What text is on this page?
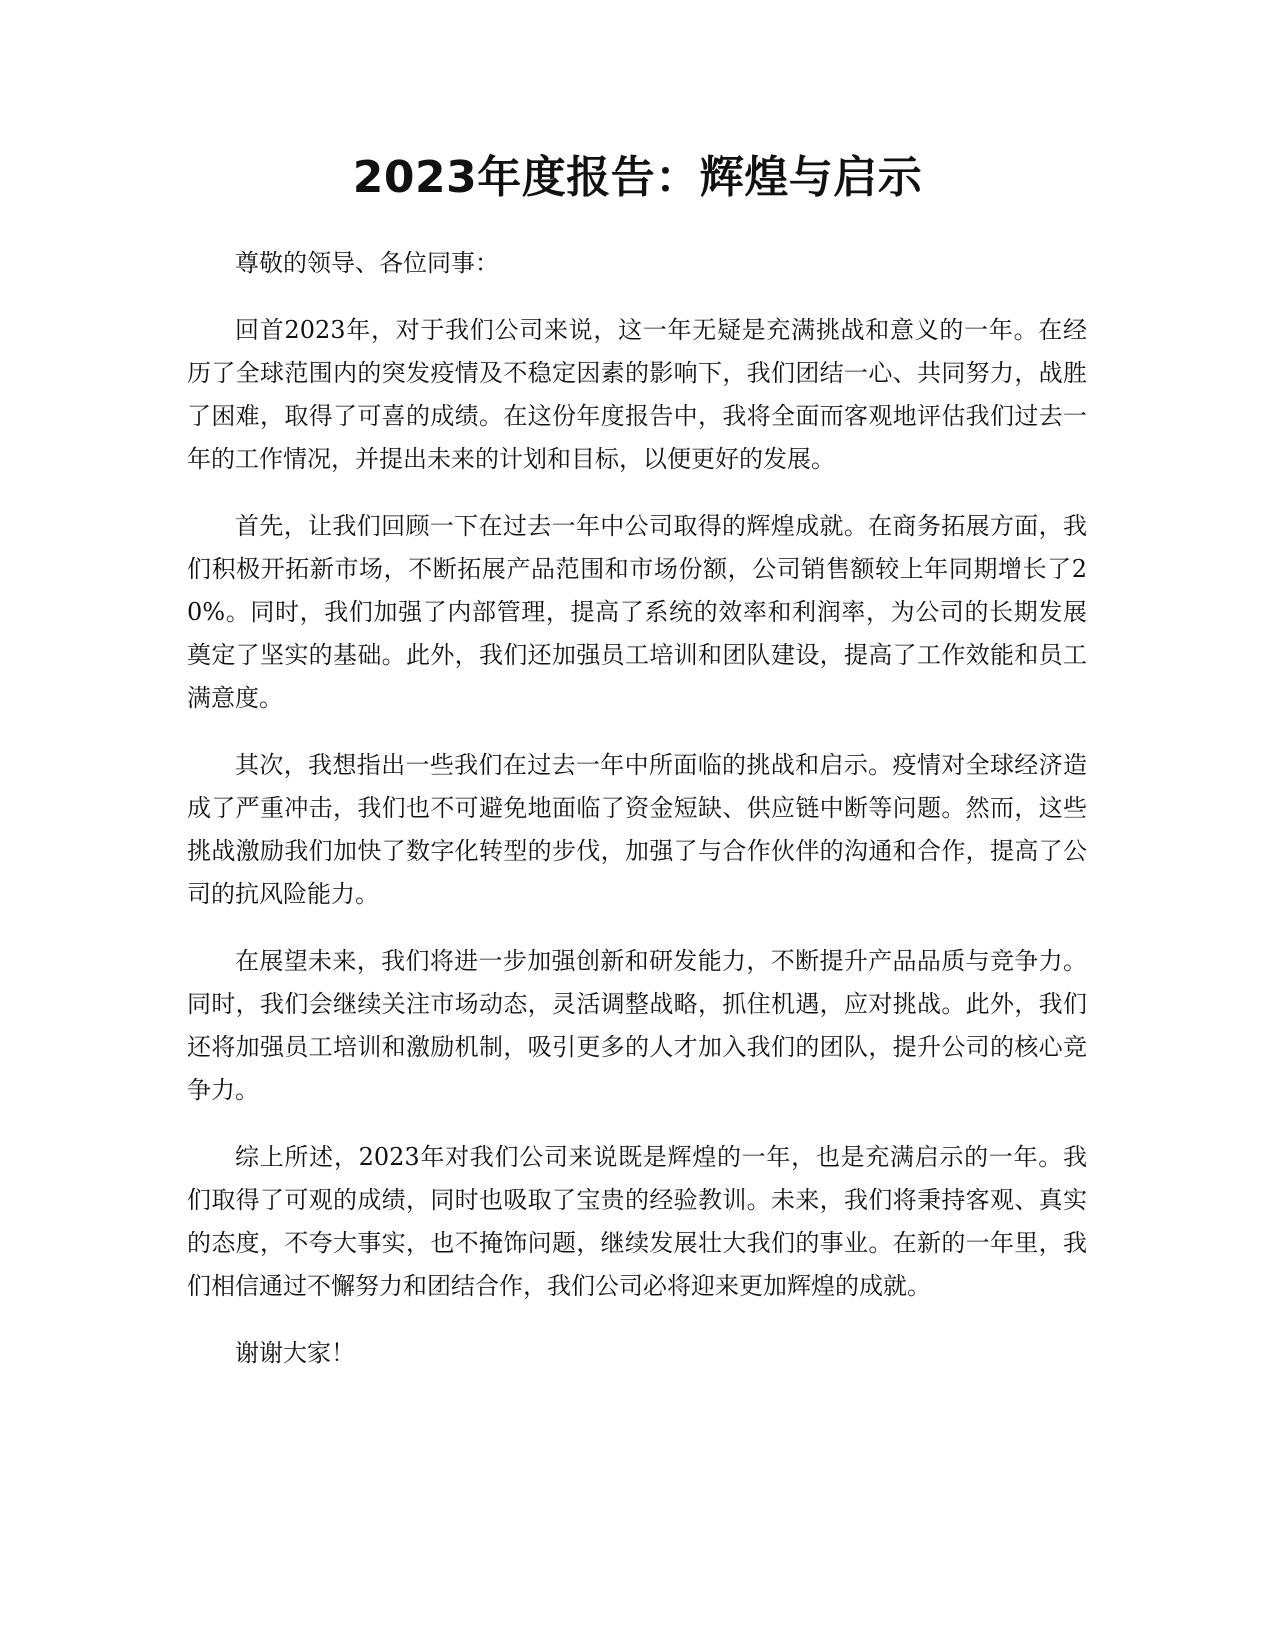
2023年度报告：辉煌与启示

尊敬的领导、各位同事：

回首2023年，对于我们公司来说，这一年无疑是充满挑战和意义的一年。在经历了全球范围内的突发疫情及不稳定因素的影响下，我们团结一心、共同努力，战胜了困难，取得了可喜的成绩。在这份年度报告中，我将全面而客观地评估我们过去一年的工作情况，并提出未来的计划和目标，以便更好的发展。

首先，让我们回顾一下在过去一年中公司取得的辉煌成就。在商务拓展方面，我们积极开拓新市场，不断拓展产品范围和市场份额，公司销售额较上年同期增长了20%。同时，我们加强了内部管理，提高了系统的效率和利润率，为公司的长期发展奠定了坚实的基础。此外，我们还加强员工培训和团队建设，提高了工作效能和员工满意度。

其次，我想指出一些我们在过去一年中所面临的挑战和启示。疫情对全球经济造成了严重冲击，我们也不可避免地面临了资金短缺、供应链中断等问题。然而，这些挑战激励我们加快了数字化转型的步伐，加强了与合作伙伴的沟通和合作，提高了公司的抗风险能力。

在展望未来，我们将进一步加强创新和研发能力，不断提升产品品质与竞争力。同时，我们会继续关注市场动态，灵活调整战略，抓住机遇，应对挑战。此外，我们还将加强员工培训和激励机制，吸引更多的人才加入我们的团队，提升公司的核心竞争力。

综上所述，2023年对我们公司来说既是辉煌的一年，也是充满启示的一年。我们取得了可观的成绩，同时也吸取了宝贵的经验教训。未来，我们将秉持客观、真实的态度，不夸大事实，也不掩饰问题，继续发展壮大我们的事业。在新的一年里，我们相信通过不懈努力和团结合作，我们公司必将迎来更加辉煌的成就。

谢谢大家！
